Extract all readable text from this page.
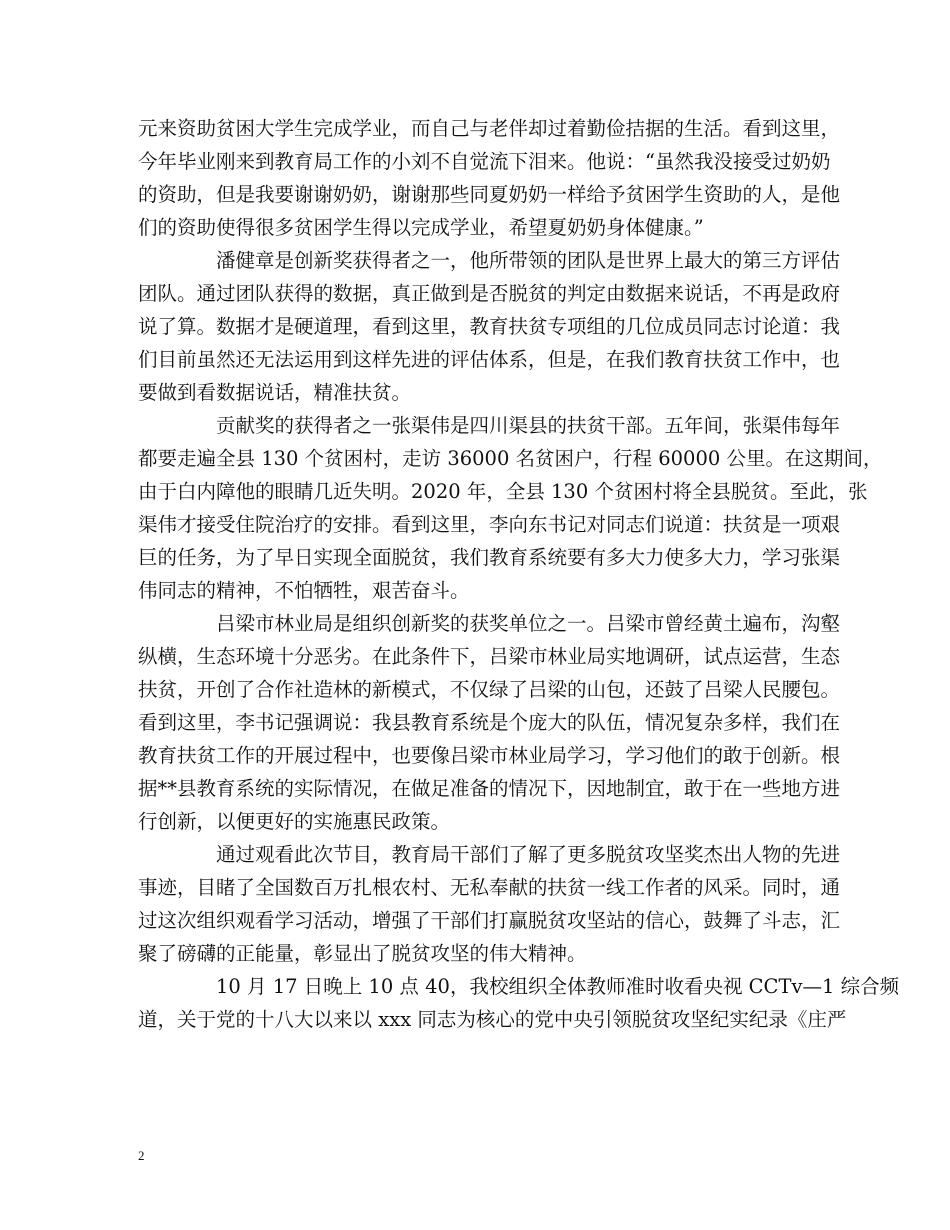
元来资助贫困大学生完成学业，而自己与老伴却过着勤俭拮据的生活。看到这里，

今年毕业刚来到教育局工作的小刘不自觉流下泪来。他说：“虽然我没接受过奶奶

的资助，但是我要谢谢奶奶，谢谢那些同夏奶奶一样给予贫困学生资助的人，是他

们的资助使得很多贫困学生得以完成学业，希望夏奶奶身体健康。”

潘健章是创新奖获得者之一，他所带领的团队是世界上最大的第三方评估

团队。通过团队获得的数据，真正做到是否脱贫的判定由数据来说话，不再是政府

说了算。数据才是硬道理，看到这里，教育扶贫专项组的几位成员同志讨论道：我

们目前虽然还无法运用到这样先进的评估体系，但是，在我们教育扶贫工作中，也

要做到看数据说话，精准扶贫。

贡献奖的获得者之一张渠伟是四川渠县的扶贫干部。五年间，张渠伟每年

都要走遍全县 130 个贫困村，走访 36000 名贫困户，行程 60000 公里。在这期间，

由于白内障他的眼睛几近失明。2020 年，全县 130 个贫困村将全县脱贫。至此，张

渠伟才接受住院治疗的安排。看到这里，李向东书记对同志们说道：扶贫是一项艰

巨的任务，为了早日实现全面脱贫，我们教育系统要有多大力使多大力，学习张渠

伟同志的精神，不怕牺牲，艰苦奋斗。

吕梁市林业局是组织创新奖的获奖单位之一。吕梁市曾经黄土遍布，沟壑

纵横，生态环境十分恶劣。在此条件下，吕梁市林业局实地调研，试点运营，生态

扶贫，开创了合作社造林的新模式，不仅绿了吕梁的山包，还鼓了吕梁人民腰包。

看到这里，李书记强调说：我县教育系统是个庞大的队伍，情况复杂多样，我们在

教育扶贫工作的开展过程中，也要像吕梁市林业局学习，学习他们的敢于创新。根

据**县教育系统的实际情况，在做足准备的情况下，因地制宜，敢于在一些地方进

行创新，以便更好的实施惠民政策。

通过观看此次节目，教育局干部们了解了更多脱贫攻坚奖杰出人物的先进

事迹，目睹了全国数百万扎根农村、无私奉献的扶贫一线工作者的风采。同时，通

过这次组织观看学习活动，增强了干部们打赢脱贫攻坚站的信心，鼓舞了斗志，汇

聚了磅礴的正能量，彰显出了脱贫攻坚的伟大精神。

10 月 17 日晚上 10 点 40，我校组织全体教师准时收看央视 CCTv—1 综合频

道，关于党的十八大以来以 xxx 同志为核心的党中央引领脱贫攻坚纪实纪录《庄严

2
